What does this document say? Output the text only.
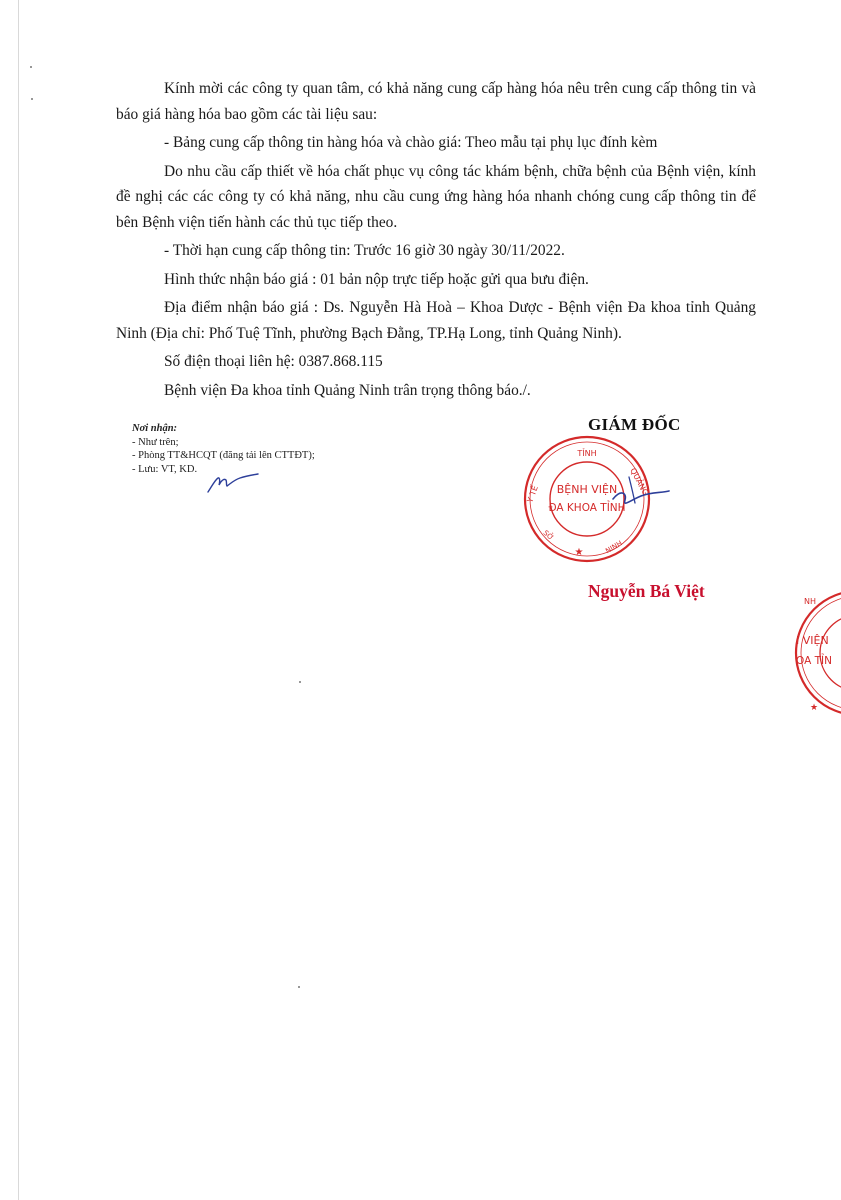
Kính mời các công ty quan tâm, có khả năng cung cấp hàng hóa nêu trên cung cấp thông tin và báo giá hàng hóa bao gồm các tài liệu sau:

- Bảng cung cấp thông tin hàng hóa và chào giá: Theo mẫu tại phụ lục đính kèm

Do nhu cầu cấp thiết về hóa chất phục vụ công tác khám bệnh, chữa bệnh của Bệnh viện, kính đề nghị các các công ty có khả năng, nhu cầu cung ứng hàng hóa nhanh chóng cung cấp thông tin để bên Bệnh viện tiến hành các thủ tục tiếp theo.

- Thời hạn cung cấp thông tin: Trước 16 giờ 30 ngày 30/11/2022.

Hình thức nhận báo giá : 01 bản nộp trực tiếp hoặc gửi qua bưu điện.

Địa điểm nhận báo giá : Ds. Nguyễn Hà Hoà – Khoa Dược - Bệnh viện Đa khoa tỉnh Quảng Ninh (Địa chỉ: Phố Tuệ Tĩnh, phường Bạch Đằng, TP.Hạ Long, tỉnh Quảng Ninh).

Số điện thoại liên hệ: 0387.868.115

Bệnh viện Đa khoa tỉnh Quảng Ninh trân trọng thông báo./.

Nơi nhận:
- Như trên;
- Phòng TT&HCQT (đăng tải lên CTTĐT);
- Lưu: VT, KD.
GIÁM ĐỐC
TỈNH
Y TẾ	QUẢNG
NINH
SỞ
BỆNH VIỆN
ĐA KHOA TỈNH
★
Nguyễn Bá Việt
NH
I VIỆN
OA TỈN
★
